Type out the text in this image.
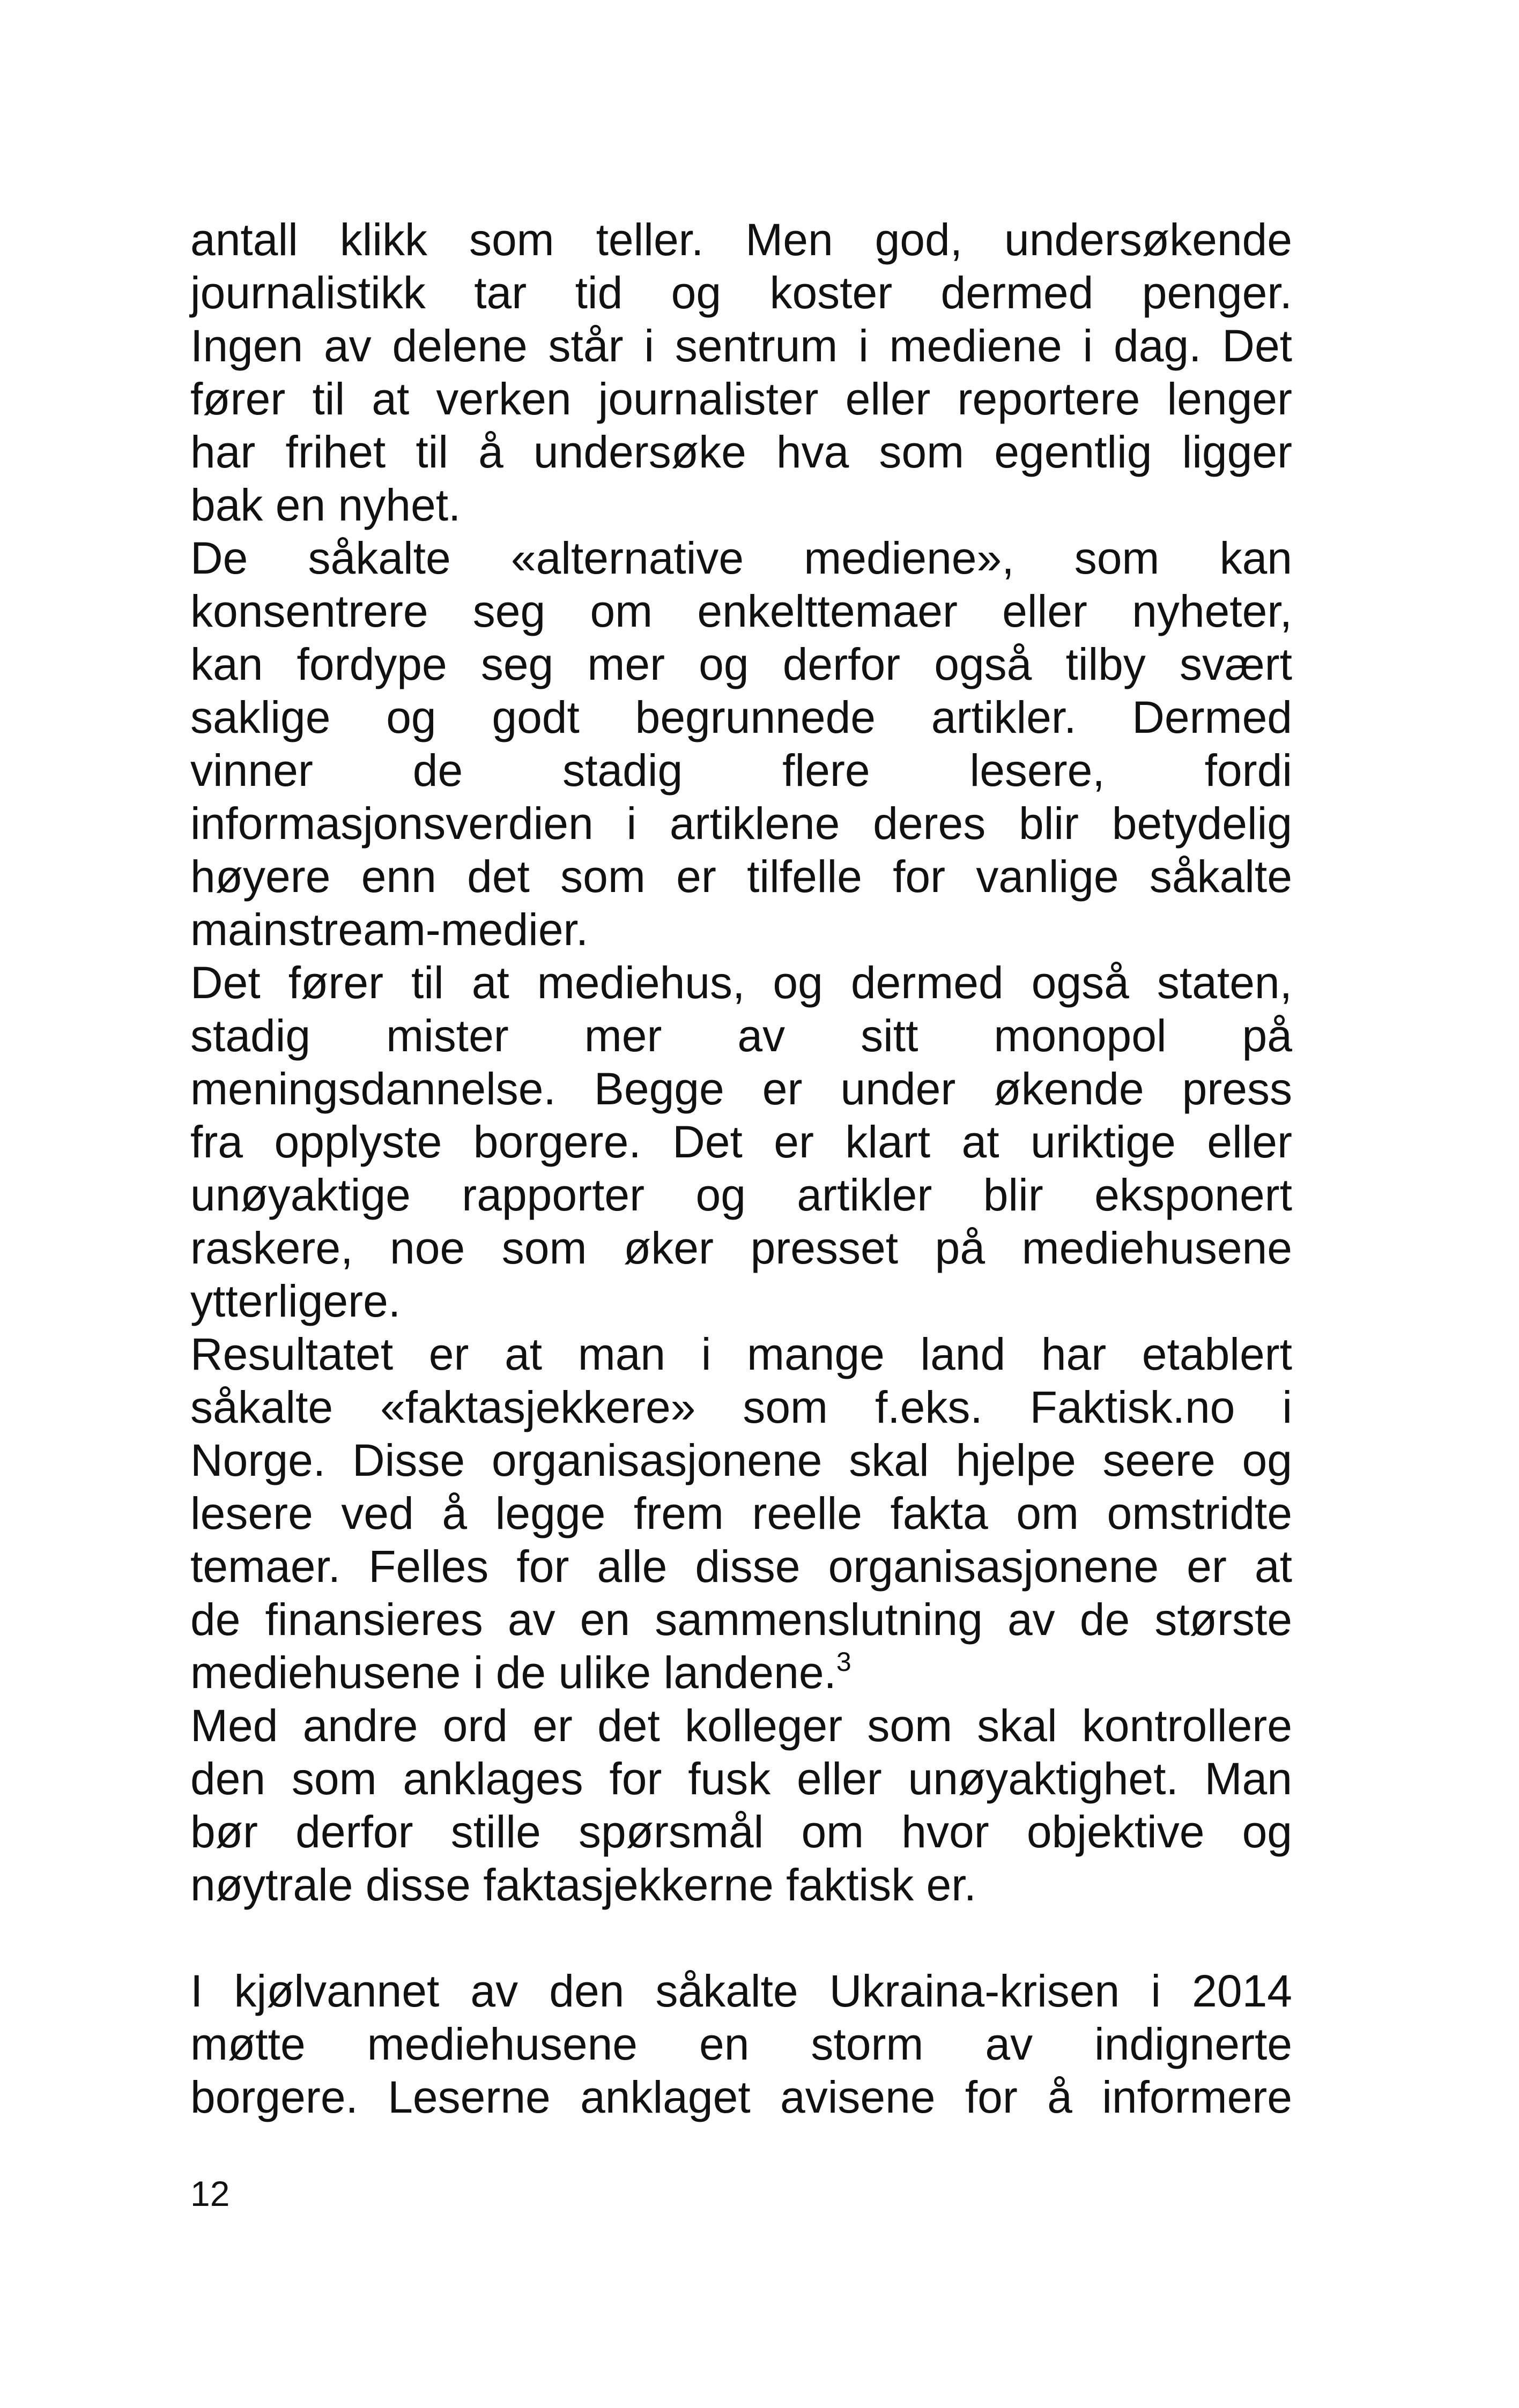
antall klikk som teller. Men god, undersøkende
journalistikk tar tid og koster dermed penger.
Ingen av delene står i sentrum i mediene i dag. Det
fører til at verken journalister eller reportere lenger
har frihet til å undersøke hva som egentlig ligger
bak en nyhet.
De såkalte «alternative mediene», som kan
konsentrere seg om enkelttemaer eller nyheter,
kan fordype seg mer og derfor også tilby svært
saklige og godt begrunnede artikler. Dermed
vinner de stadig flere lesere, fordi
informasjonsverdien i artiklene deres blir betydelig
høyere enn det som er tilfelle for vanlige såkalte
mainstream-medier.
Det fører til at mediehus, og dermed også staten,
stadig mister mer av sitt monopol på
meningsdannelse. Begge er under økende press
fra opplyste borgere. Det er klart at uriktige eller
unøyaktige rapporter og artikler blir eksponert
raskere, noe som øker presset på mediehusene
ytterligere.
Resultatet er at man i mange land har etablert
såkalte «faktasjekkere» som f.eks. Faktisk.no i
Norge. Disse organisasjonene skal hjelpe seere og
lesere ved å legge frem reelle fakta om omstridte
temaer. Felles for alle disse organisasjonene er at
de finansieres av en sammenslutning av de største
mediehusene i de ulike landene.$^3$
Med andre ord er det kolleger som skal kontrollere
den som anklages for fusk eller unøyaktighet. Man
bør derfor stille spørsmål om hvor objektive og
nøytrale disse faktasjekkerne faktisk er.
I kjølvannet av den såkalte Ukraina-krisen i 2014
møtte mediehusene en storm av indignerte
borgere. Leserne anklaget avisene for å informere
12
